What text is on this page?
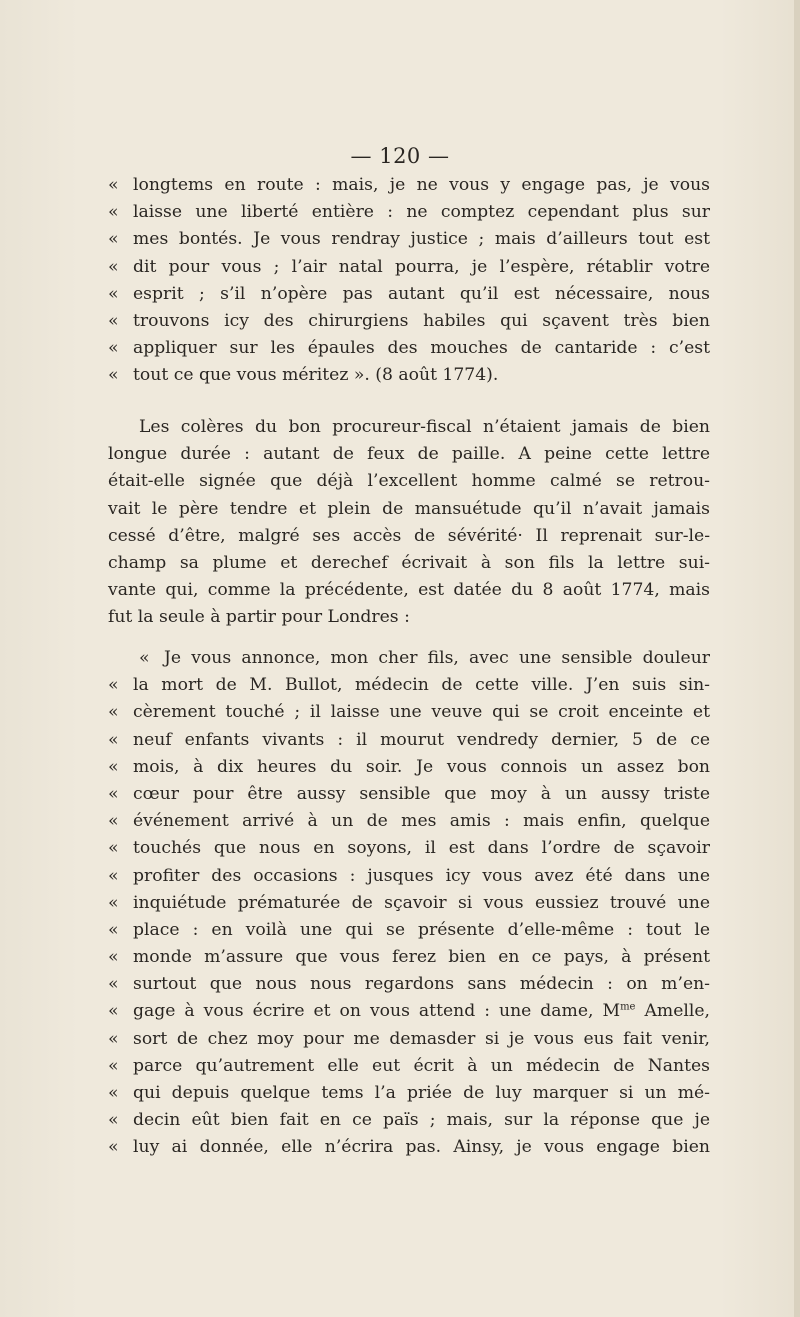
— 120 —
« longtems en route : mais, je ne vous y engage pas, je vous
« laisse une liberté entière : ne comptez cependant plus sur
« mes bontés. Je vous rendray justice ; mais d’ailleurs tout est
« dit pour vous ; l’air natal pourra, je l’espère, rétablir votre
« esprit ; s’il n’opère pas autant qu’il est nécessaire, nous
« trouvons icy des chirurgiens habiles qui sçavent très bien
« appliquer sur les épaules des mouches de cantaride : c’est
« tout ce que vous méritez ». (8 août 1774).
Les colères du bon procureur-fiscal n’étaient jamais de bien
longue durée : autant de feux de paille. A peine cette lettre
était-elle signée que déjà l’excellent homme calmé se retrou-
vait le père tendre et plein de mansuétude qu’il n’avait jamais
cessé d’être, malgré ses accès de sévérité· Il reprenait sur-le-
champ sa plume et derechef écrivait à son fils la lettre sui-
vante qui, comme la précédente, est datée du 8 août 1774, mais
fut la seule à partir pour Londres :
« Je vous annonce, mon cher fils, avec une sensible douleur
« la mort de M. Bullot, médecin de cette ville. J’en suis sin-
« cèrement touché ; il laisse une veuve qui se croit enceinte et
« neuf enfants vivants : il mourut vendredy dernier, 5 de ce
« mois, à dix heures du soir. Je vous connois un assez bon
« cœur pour être aussy sensible que moy à un aussy triste
« événement arrivé à un de mes amis : mais enfin, quelque
« touchés que nous en soyons, il est dans l’ordre de sçavoir
« profiter des occasions : jusques icy vous avez été dans une
« inquiétude prématurée de sçavoir si vous eussiez trouvé une
« place : en voilà une qui se présente d’elle-même : tout le
« monde m’assure que vous ferez bien en ce pays, à présent
« surtout que nous nous regardons sans médecin : on m’en-
« gage à vous écrire et on vous attend : une dame, $M^{me}$ Amelle,
« sort de chez moy pour me demasder si je vous eus fait venir,
« parce qu’autrement elle eut écrit à un médecin de Nantes
« qui depuis quelque tems l’a priée de luy marquer si un mé-
« decin eût bien fait en ce païs ; mais, sur la réponse que je
« luy ai donnée, elle n’écrira pas. Ainsy, je vous engage bien
